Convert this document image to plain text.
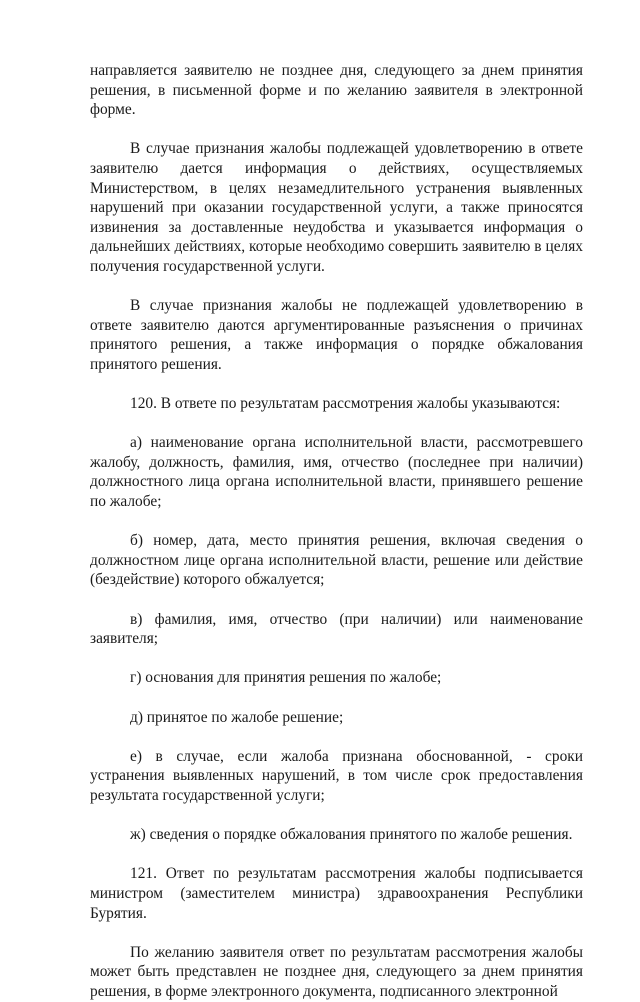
направляется заявителю не позднее дня, следующего за днем принятия решения, в письменной форме и по желанию заявителя в электронной форме.

В случае признания жалобы подлежащей удовлетворению в ответе заявителю дается информация о действиях, осуществляемых Министерством, в целях незамедлительного устранения выявленных нарушений при оказании государственной услуги, а также приносятся извинения за доставленные неудобства и указывается информация о дальнейших действиях, которые необходимо совершить заявителю в целях получения государственной услуги.

В случае признания жалобы не подлежащей удовлетворению в ответе заявителю даются аргументированные разъяснения о причинах принятого решения, а также информация о порядке обжалования принятого решения.

120. В ответе по результатам рассмотрения жалобы указываются:

а) наименование органа исполнительной власти, рассмотревшего жалобу, должность, фамилия, имя, отчество (последнее при наличии) должностного лица органа исполнительной власти, принявшего решение по жалобе;

б) номер, дата, место принятия решения, включая сведения о должностном лице органа исполнительной власти, решение или действие (бездействие) которого обжалуется;

в) фамилия, имя, отчество (при наличии) или наименование заявителя;

г) основания для принятия решения по жалобе;

д) принятое по жалобе решение;

е) в случае, если жалоба признана обоснованной, - сроки устранения выявленных нарушений, в том числе срок предоставления результата государственной услуги;

ж) сведения о порядке обжалования принятого по жалобе решения.

121. Ответ по результатам рассмотрения жалобы подписывается министром (заместителем министра) здравоохранения Республики Бурятия.

По желанию заявителя ответ по результатам рассмотрения жалобы может быть представлен не позднее дня, следующего за днем принятия решения, в форме электронного документа, подписанного электронной
